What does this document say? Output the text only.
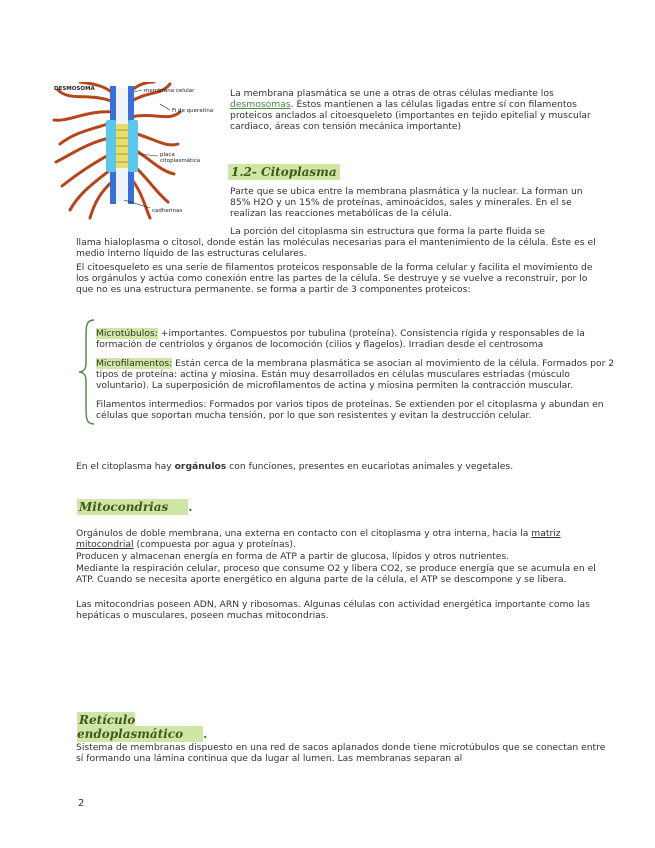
DESMOSOMA	membrana celular
Fi de queratina
placa
citoplasmática
cadherinas
La membrana plasmática se une a otras de otras células mediante los desmosomas. Éstos mantienen a las células ligadas entre sí con filamentos proteicos anclados al citoesqueleto (importantes en tejido epitelial y muscular cardiaco, áreas con tensión mecánica importante)
1.2- Citoplasma
Parte que se ubica entre la membrana plasmática y la nuclear. La forman un 85% H2O y un 15% de proteínas, aminoácidos, sales y minerales. En el se realizan las reacciones metabólicas de la célula.
La porción del citoplasma sin estructura que forma la parte fluida se
llama hialoplasma o citosol, donde están las moléculas necesarias para el mantenimiento de la célula. Éste es el medio interno líquido de las estructuras celulares.
El citoesqueleto es una serie de filamentos proteicos responsable de la forma celular y facilita el movimiento de los orgánulos y actúa como conexión entre las partes de la célula. Se destruye y se vuelve a reconstruir, por lo que no es una estructura permanente. se forma a partir de 3 componentes proteicos:
Microtúbulos: +importantes. Compuestos por tubulina (proteína). Consistencia rígida y responsables de la formación de centriolos y órganos de locomoción (cilios y flagelos). Irradian desde el centrosoma
Microfilamentos: Están cerca de la membrana plasmática se asocian al movimiento de la célula. Formados por 2 tipos de proteína: actina y miosina. Están muy desarrollados en células musculares estriadas (músculo voluntario). La superposición de microfilamentos de actina y miosina permiten la contracción muscular.
Filamentos intermedios: Formados por varios tipos de proteínas. Se extienden por el citoplasma y abundan en células que soportan mucha tensión, por lo que son resistentes y evitan la destrucción celular.
En el citoplasma hay orgánulos con funciones, presentes en eucariotas animales y vegetales.
Mitocondrias .
Orgánulos de doble membrana, una externa en contacto con el citoplasma y otra interna, hacia la matriz mitocondrial (compuesta por agua y proteínas).
Producen y almacenan energía en forma de ATP a partir de glucosa, lípidos y otros nutrientes.
Mediante la respiración celular, proceso que consume O2 y libera CO2, se produce energía que se acumula en el ATP. Cuando se necesita aporte energético en alguna parte de la célula, el ATP se descompone y se libera.
Las mitocondrias poseen ADN, ARN y ribosomas. Algunas células con actividad energética importante como las hepáticas o musculares, poseen muchas mitocondrias.
Retículo endoplasmático .
Sistema de membranas dispuesto en una red de sacos aplanados donde tiene microtúbulos que se conectan entre sí formando una lámina continua que da lugar al lumen. Las membranas separan al
2
